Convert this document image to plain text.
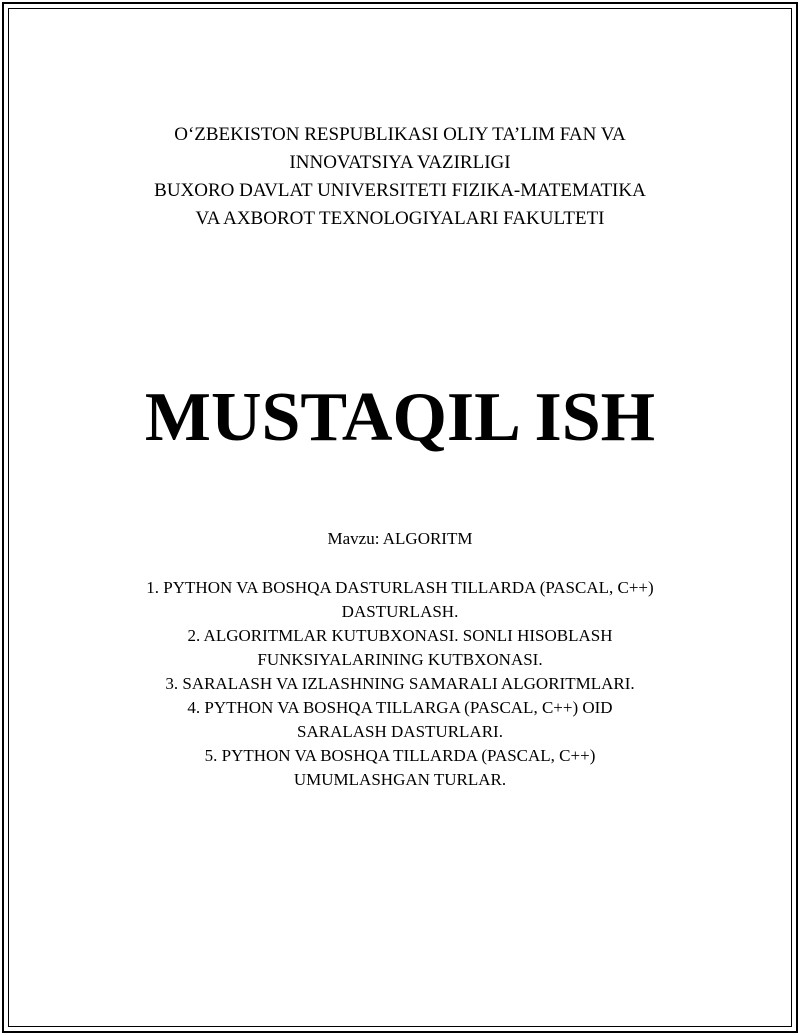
O‘ZBEKISTON RESPUBLIKASI OLIY TA’LIM FAN VA
INNOVATSIYA VAZIRLIGI
BUXORO DAVLAT UNIVERSITETI FIZIKA-MATEMATIKA
VA AXBOROT TEXNOLOGIYALARI FAKULTETI
MUSTAQIL ISH
Mavzu: ALGORITM
1. PYTHON VA BOSHQA DASTURLASH TILLARDA (PASCAL, C++)
DASTURLASH.
2. ALGORITMLAR KUTUBXONASI. SONLI HISOBLASH
FUNKSIYALARINING KUTBXONASI.
3. SARALASH VA IZLASHNING SAMARALI ALGORITMLARI.
4. PYTHON VA BOSHQA TILLARGA (PASCAL, C++) OID
SARALASH DASTURLARI.
5. PYTHON VA BOSHQA TILLARDA (PASCAL, C++)
UMUMLASHGAN TURLAR.
